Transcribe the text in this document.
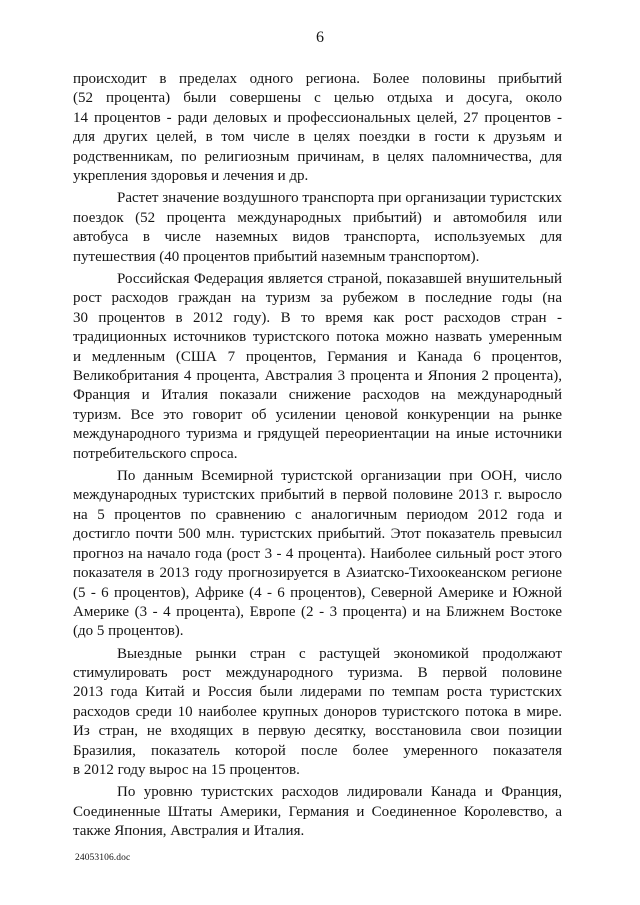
6
происходит в пределах одного региона. Более половины прибытий
(52 процента) были совершены с целью отдыха и досуга, около
14 процентов - ради деловых и профессиональных целей, 27 процентов -
для других целей, в том числе в целях поездки в гости к друзьям и
родственникам, по религиозным причинам, в целях паломничества, для
укрепления здоровья и лечения и др.
Растет значение воздушного транспорта при организации туристских
поездок (52 процента международных прибытий) и автомобиля или
автобуса в числе наземных видов транспорта, используемых для
путешествия (40 процентов прибытий наземным транспортом).
Российская Федерация является страной, показавшей внушительный
рост расходов граждан на туризм за рубежом в последние годы (на
30 процентов в 2012 году). В то время как рост расходов стран -
традиционных источников туристского потока можно назвать умеренным
и медленным (США 7 процентов, Германия и Канада 6 процентов,
Великобритания 4 процента, Австралия 3 процента и Япония 2 процента),
Франция и Италия показали снижение расходов на международный
туризм. Все это говорит об усилении ценовой конкуренции на рынке
международного туризма и грядущей переориентации на иные источники
потребительского спроса.
По данным Всемирной туристской организации при ООН, число
международных туристских прибытий в первой половине 2013 г. выросло
на 5 процентов по сравнению с аналогичным периодом 2012 года и
достигло почти 500 млн. туристских прибытий. Этот показатель превысил
прогноз на начало года (рост 3 - 4 процента). Наиболее сильный рост этого
показателя в 2013 году прогнозируется в Азиатско-Тихоокеанском регионе
(5 - 6 процентов), Африке (4 - 6 процентов), Северной Америке и Южной
Америке (3 - 4 процента), Европе (2 - 3 процента) и на Ближнем Востоке
(до 5 процентов).
Выездные рынки стран с растущей экономикой продолжают
стимулировать рост международного туризма. В первой половине
2013 года Китай и Россия были лидерами по темпам роста туристских
расходов среди 10 наиболее крупных доноров туристского потока в мире.
Из стран, не входящих в первую десятку, восстановила свои позиции
Бразилия, показатель которой после более умеренного показателя
в 2012 году вырос на 15 процентов.
По уровню туристских расходов лидировали Канада и Франция,
Соединенные Штаты Америки, Германия и Соединенное Королевство, а
также Япония, Австралия и Италия.
24053106.doc
